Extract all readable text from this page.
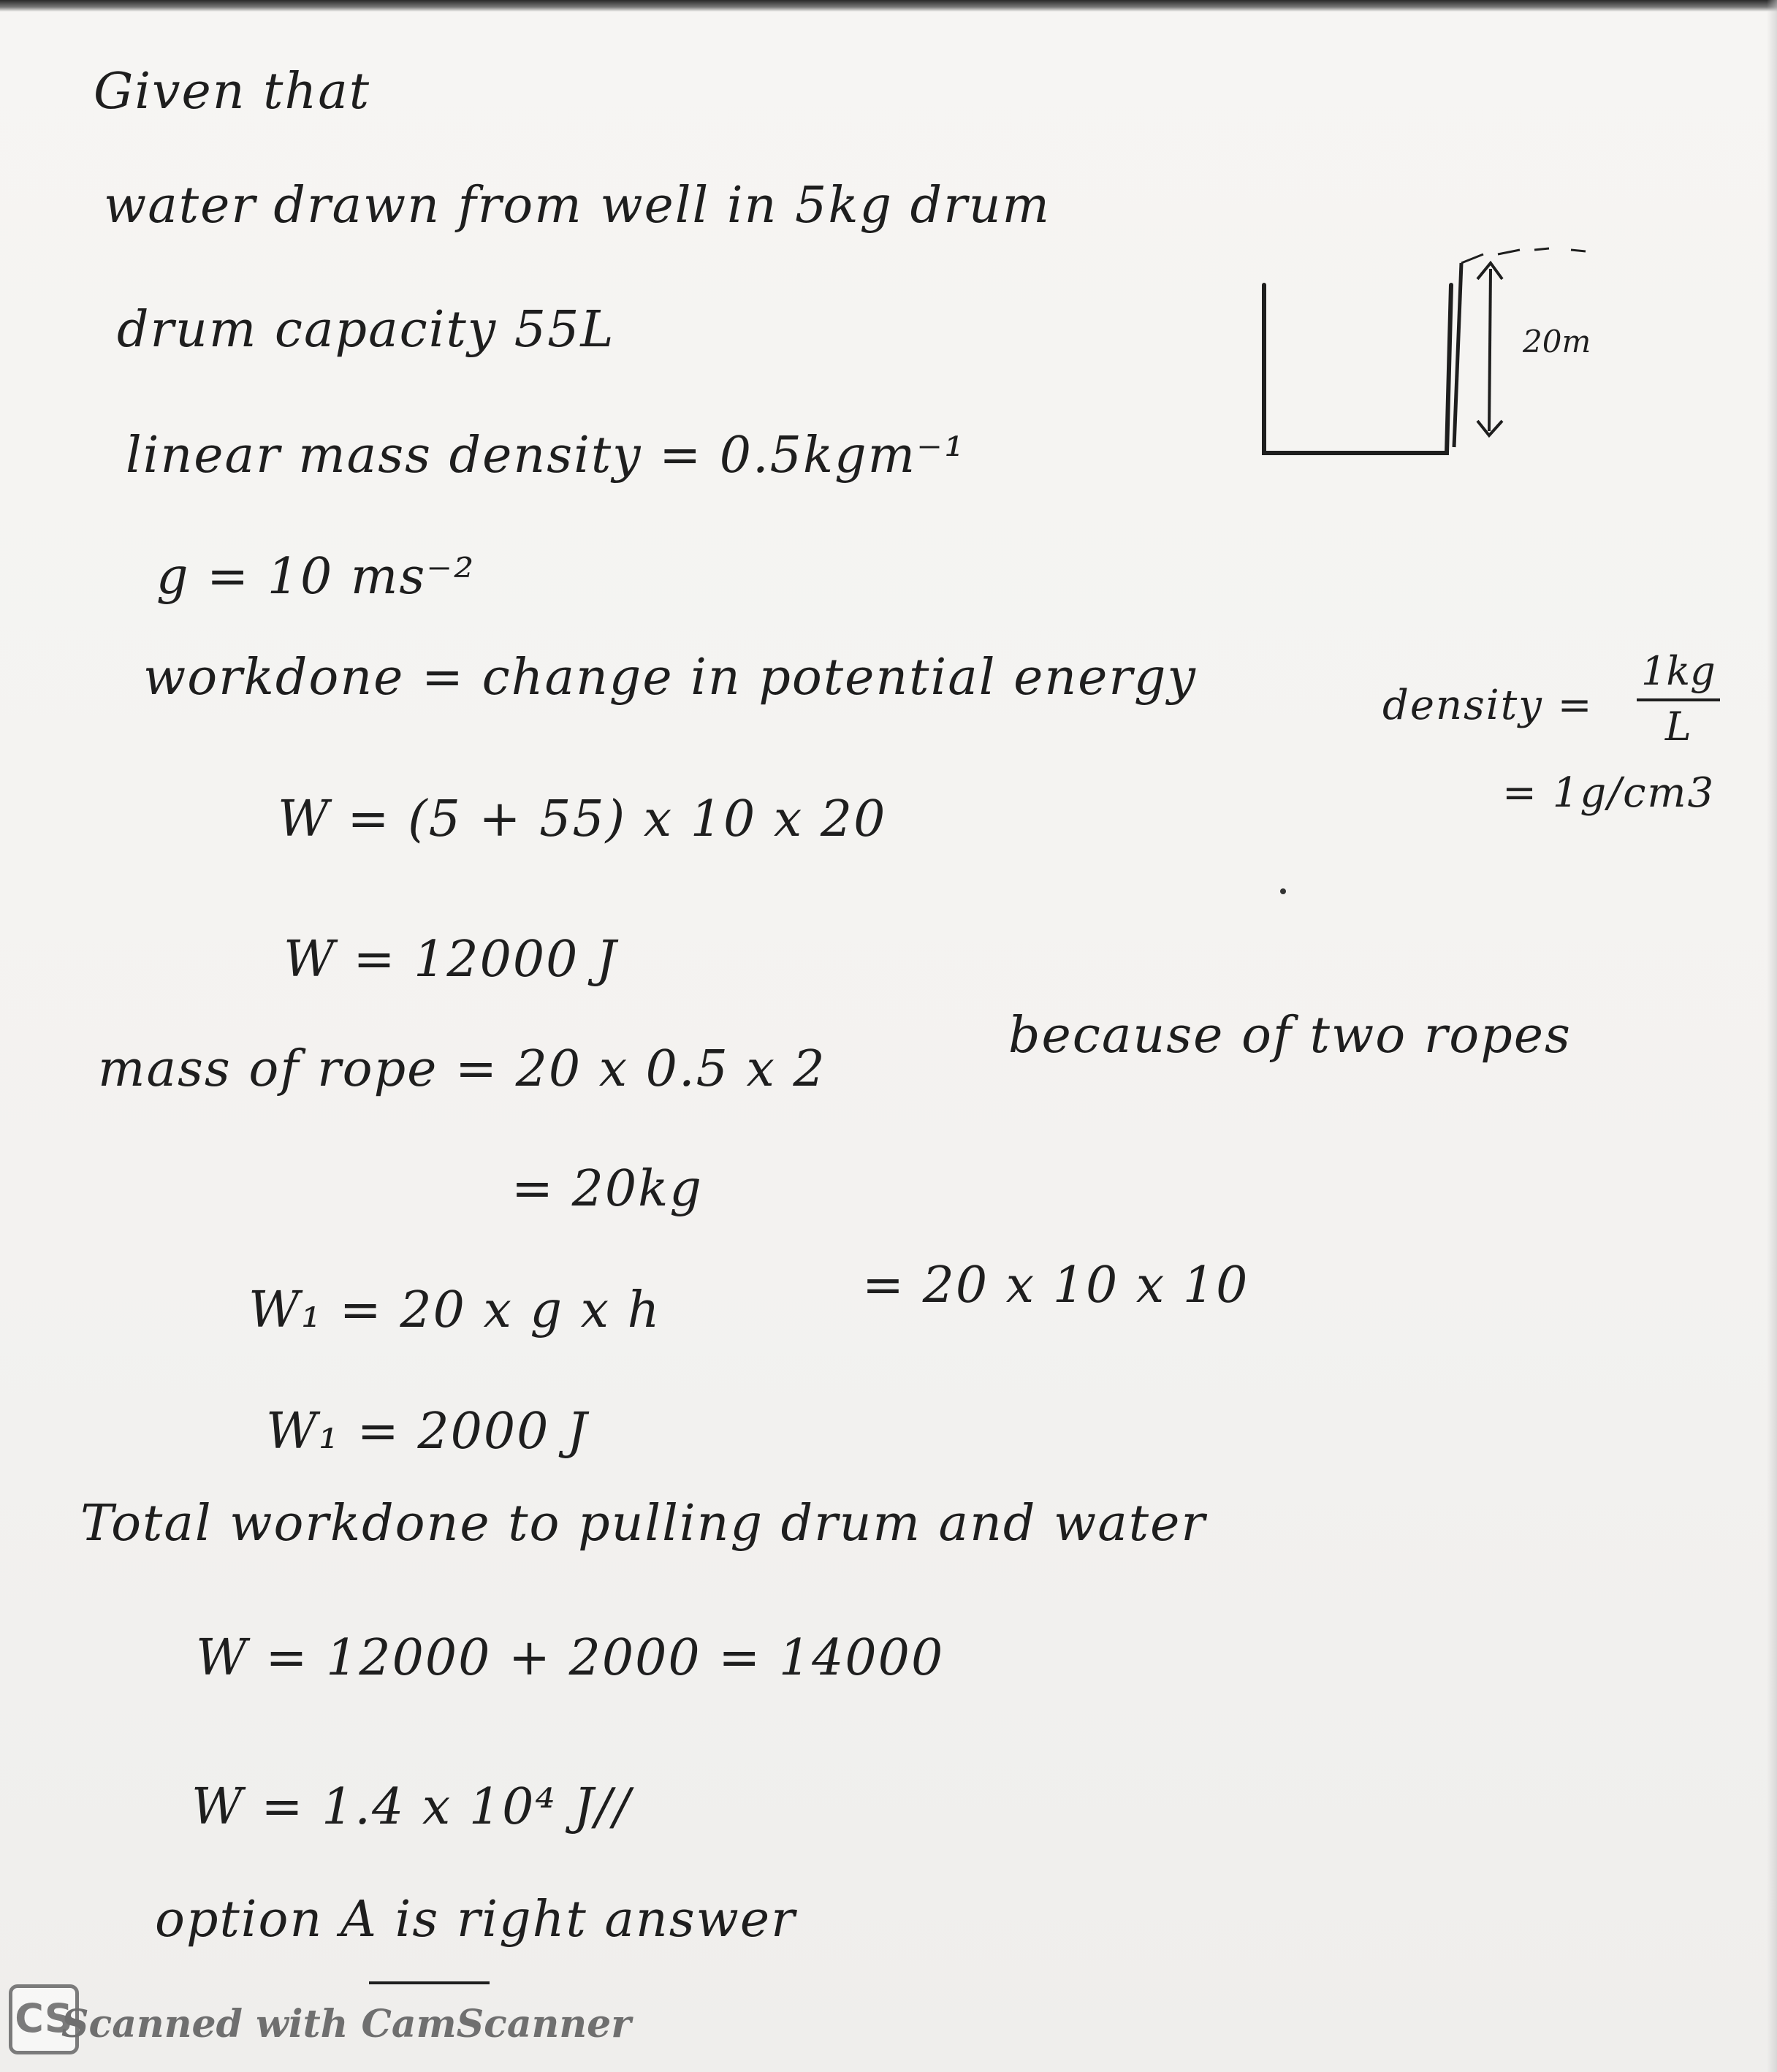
Given that
water drawn from well in 5kg drum
drum capacity 55L
linear mass density = 0.5kgm⁻¹
g = 10 ms⁻²
workdone = change in potential energy
W = (5 + 55) x 10 x 20
W = 12000 J
mass of rope = 20 x 0.5 x 2
because of two ropes
= 20kg
W₁ = 20 x g x h	= 20 x 10 x 10
W₁ = 2000 J
Total workdone to pulling drum and water
W = 12000 + 2000 = 14000
W = 1.4 x 10⁴ J//
option A is right answer
density = $\frac{1kg}{L}$
= 1g/cm3
20m
CS
Scanned with CamScanner
